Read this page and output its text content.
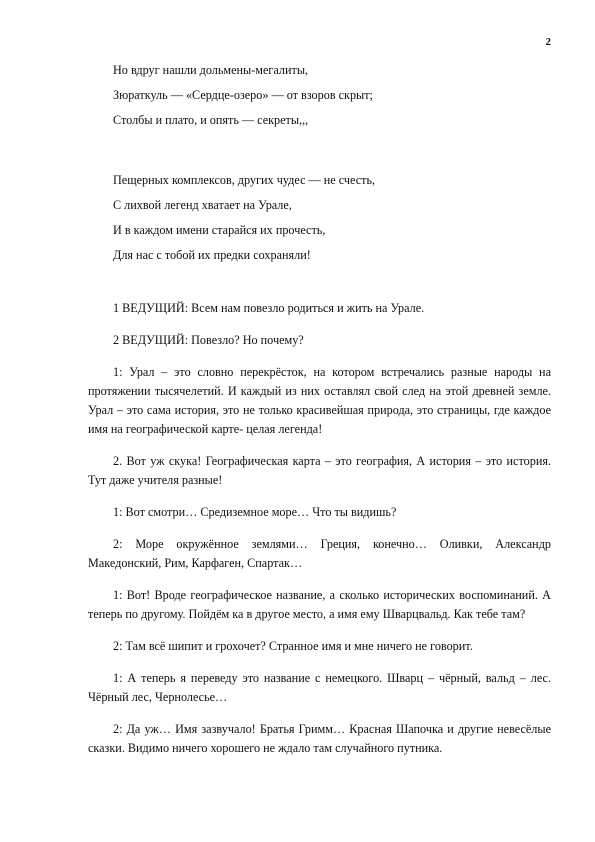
2
Но вдруг нашли дольмены-мегалиты,
Зюраткуль — «Сердце-озеро» — от взоров скрыт;
Столбы и плато, и опять — секреты,,,
Пещерных комплексов, других чудес — не счесть,
С лихвой легенд хватает на Урале,
И в каждом имени старайся их прочесть,
Для нас с тобой их предки сохраняли!

1 ВЕДУЩИЙ: Всем нам повезло родиться и жить на Урале.

2 ВЕДУЩИЙ: Повезло? Но почему?

1: Урал – это словно перекрёсток, на котором встречались разные народы на протяжении тысячелетий. И каждый из них оставлял свой след на этой древней земле. Урал – это сама история, это не только красивейшая природа, это страницы, где каждое имя на географической карте- целая легенда!

2. Вот уж скука! Географическая карта – это география, А история – это история. Тут даже учителя разные!

1: Вот смотри… Средиземное море… Что ты видишь?

2: Море окружённое землями… Греция, конечно… Оливки, Александр Македонский, Рим, Карфаген, Спартак…

1: Вот! Вроде географическое название, а сколько исторических воспоминаний. А теперь по другому. Пойдём ка в другое место, а имя ему Шварцвальд. Как тебе там?

2: Там всё шипит и грохочет? Странное имя и мне ничего не говорит.

1: А теперь я переведу это название с немецкого. Шварц – чёрный, вальд – лес. Чёрный лес, Чернолесье…

2: Да уж… Имя зазвучало! Братья Гримм… Красная Шапочка и другие невесёлые сказки. Видимо ничего хорошего не ждало там случайного путника.
